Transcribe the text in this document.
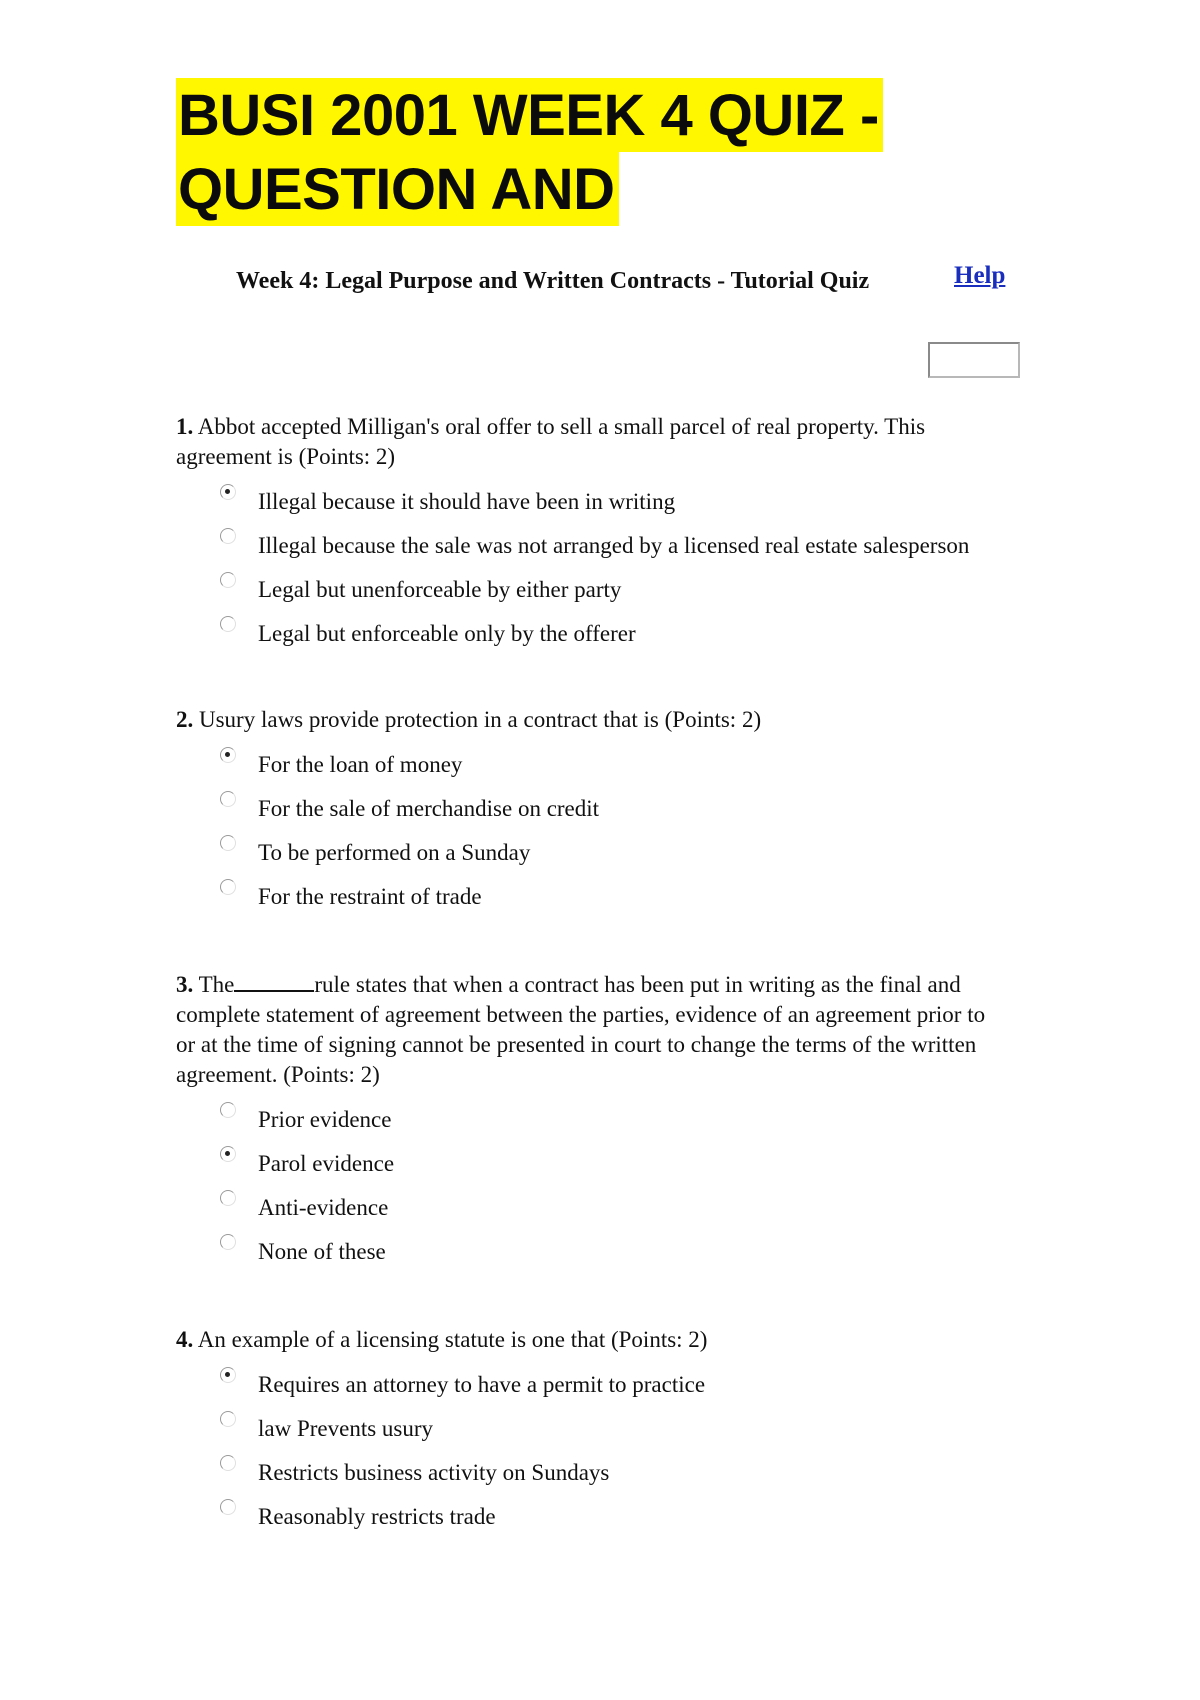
BUSI 2001 WEEK 4 QUIZ -
QUESTION AND
Week 4: Legal Purpose and Written Contracts - Tutorial Quiz	Help

1. Abbot accepted Milligan's oral offer to sell a small parcel of real property. This agreement is (Points: 2)

Illegal because it should have been in writing
Illegal because the sale was not arranged by a licensed real estate salesperson
Legal but unenforceable by either party
Legal but enforceable only by the offerer

2. Usury laws provide protection in a contract that is (Points: 2)

For the loan of money
For the sale of merchandise on credit
To be performed on a Sunday
For the restraint of trade

3. The	rule states that when a contract has been put in writing as the final and complete statement of agreement between the parties, evidence of an agreement prior to or at the time of signing cannot be presented in court to change the terms of the written agreement. (Points: 2)

Prior evidence
Parol evidence
Anti-evidence
None of these

4. An example of a licensing statute is one that (Points: 2)

Requires an attorney to have a permit to practice
law Prevents usury
Restricts business activity on Sundays
Reasonably restricts trade
